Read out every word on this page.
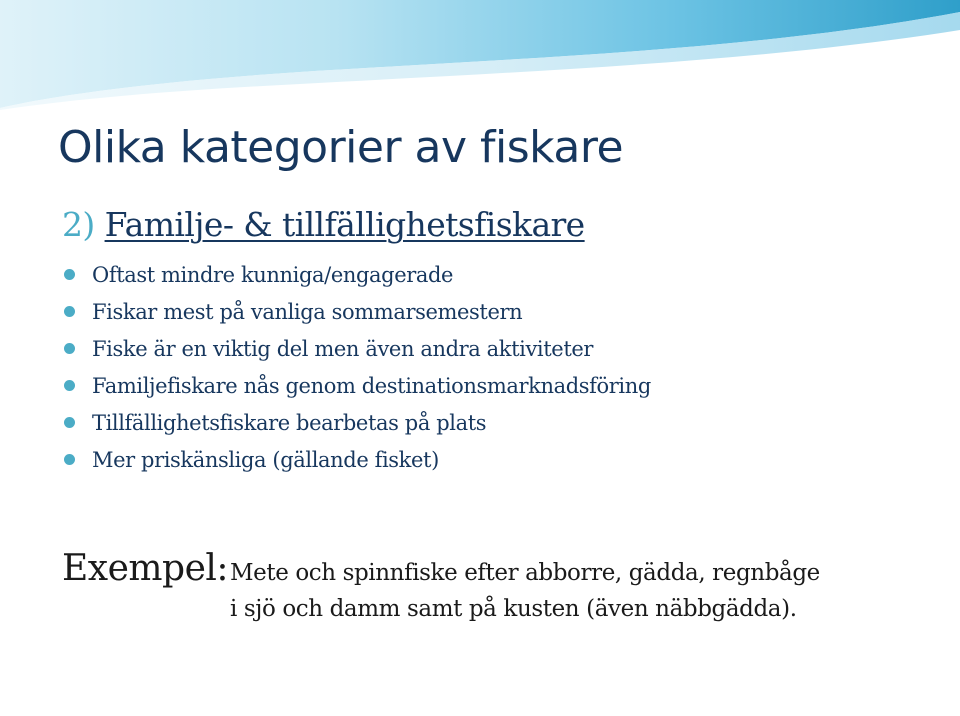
Olika kategorier av fiskare
2) Familje- & tillfällighetsfiskare
Oftast mindre kunniga/engagerade
Fiskar mest på vanliga sommarsemestern
Fiske är en viktig del men även andra aktiviteter
Familjefiskare nås genom destinationsmarknadsföring
Tillfällighetsfiskare bearbetas på plats
Mer priskänsliga (gällande fisket)
Exempel: Mete och spinnfiske efter abborre, gädda, regnbåge
i sjö och damm samt på kusten (även näbbgädda).
